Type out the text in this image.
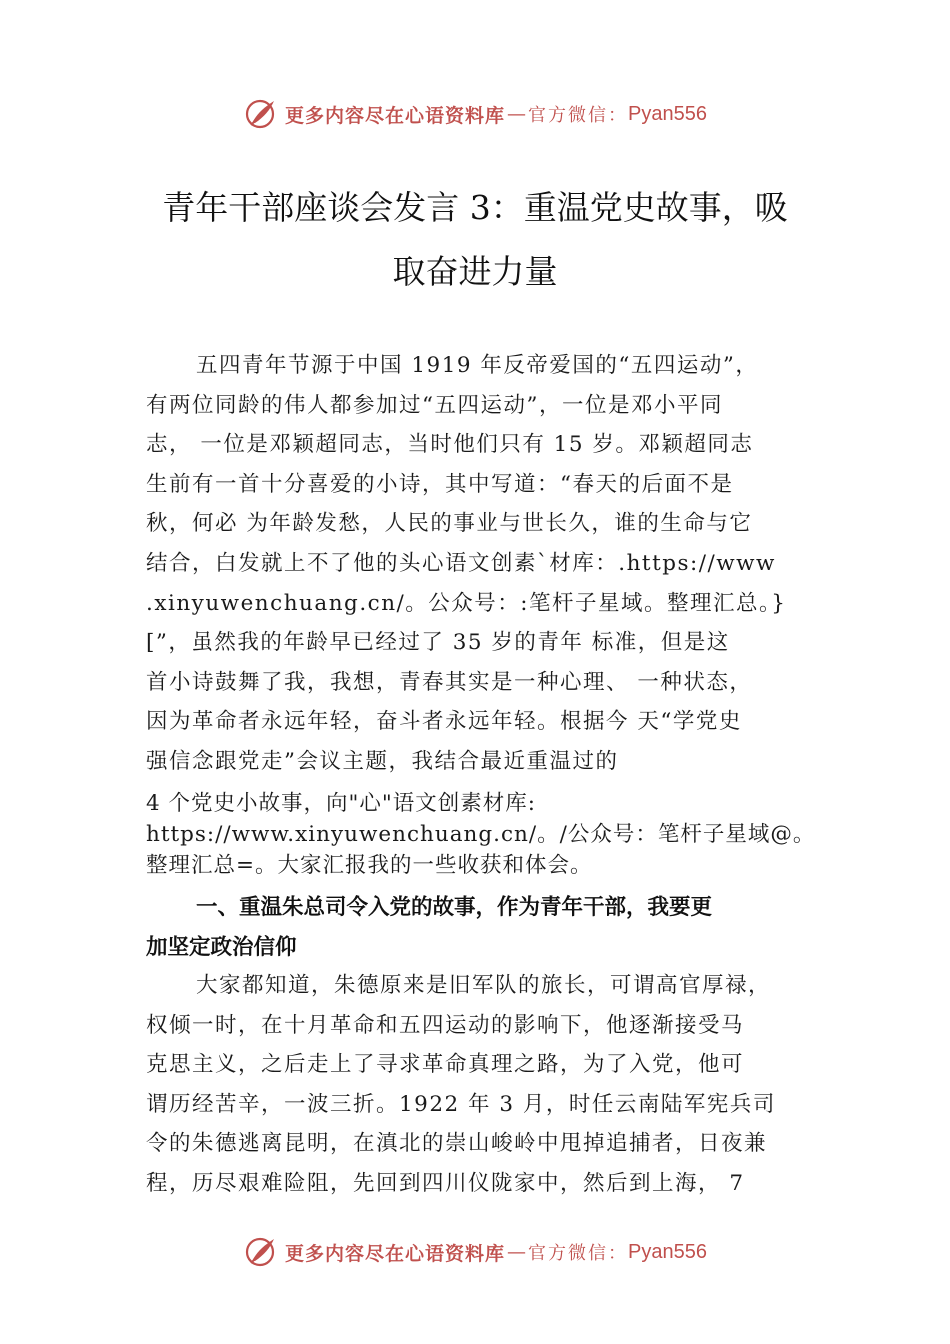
更多内容尽在心语资料库 — 官方微信： Pyan556
青年干部座谈会发言 3：重温党史故事，吸
取奋进力量
五四青年节源于中国 1919 年反帝爱国的“五四运动”，
有两位同龄的伟人都参加过“五四运动”，一位是邓小平同
志， 一位是邓颖超同志，当时他们只有 15 岁。邓颖超同志
生前有一首十分喜爱的小诗，其中写道：“春天的后面不是
秋，何必 为年龄发愁，人民的事业与世长久，谁的生命与它
结合，白发就上不了他的头心语文创素`材库：.https://www
.xinyuwenchuang.cn/。公众号：:笔杆子星域。整理汇总。}
[”，虽然我的年龄早已经过了 35 岁的青年 标准，但是这
首小诗鼓舞了我，我想，青春其实是一种心理、 一种状态，
因为革命者永远年轻，奋斗者永远年轻。根据今 天“学党史
强信念跟党走”会议主题，我结合最近重温过的
4 个党史小故事，向"心"语文创素材库:
https://www.xinyuwenchuang.cn/。/公众号：笔杆子星域@。
整理汇总=。大家汇报我的一些收获和体会。
一、重温朱总司令入党的故事，作为青年干部，我要更
加坚定政治信仰
大家都知道，朱德原来是旧军队的旅长，可谓高官厚禄，
权倾一时，在十月革命和五四运动的影响下，他逐渐接受马
克思主义，之后走上了寻求革命真理之路，为了入党，他可
谓历经苦辛，一波三折。1922 年 3 月，时任云南陆军宪兵司
令的朱德逃离昆明，在滇北的崇山峻岭中甩掉追捕者，日夜兼
程，历尽艰难险阻，先回到四川仪陇家中，然后到上海， 7
更多内容尽在心语资料库 — 官方微信： Pyan556
